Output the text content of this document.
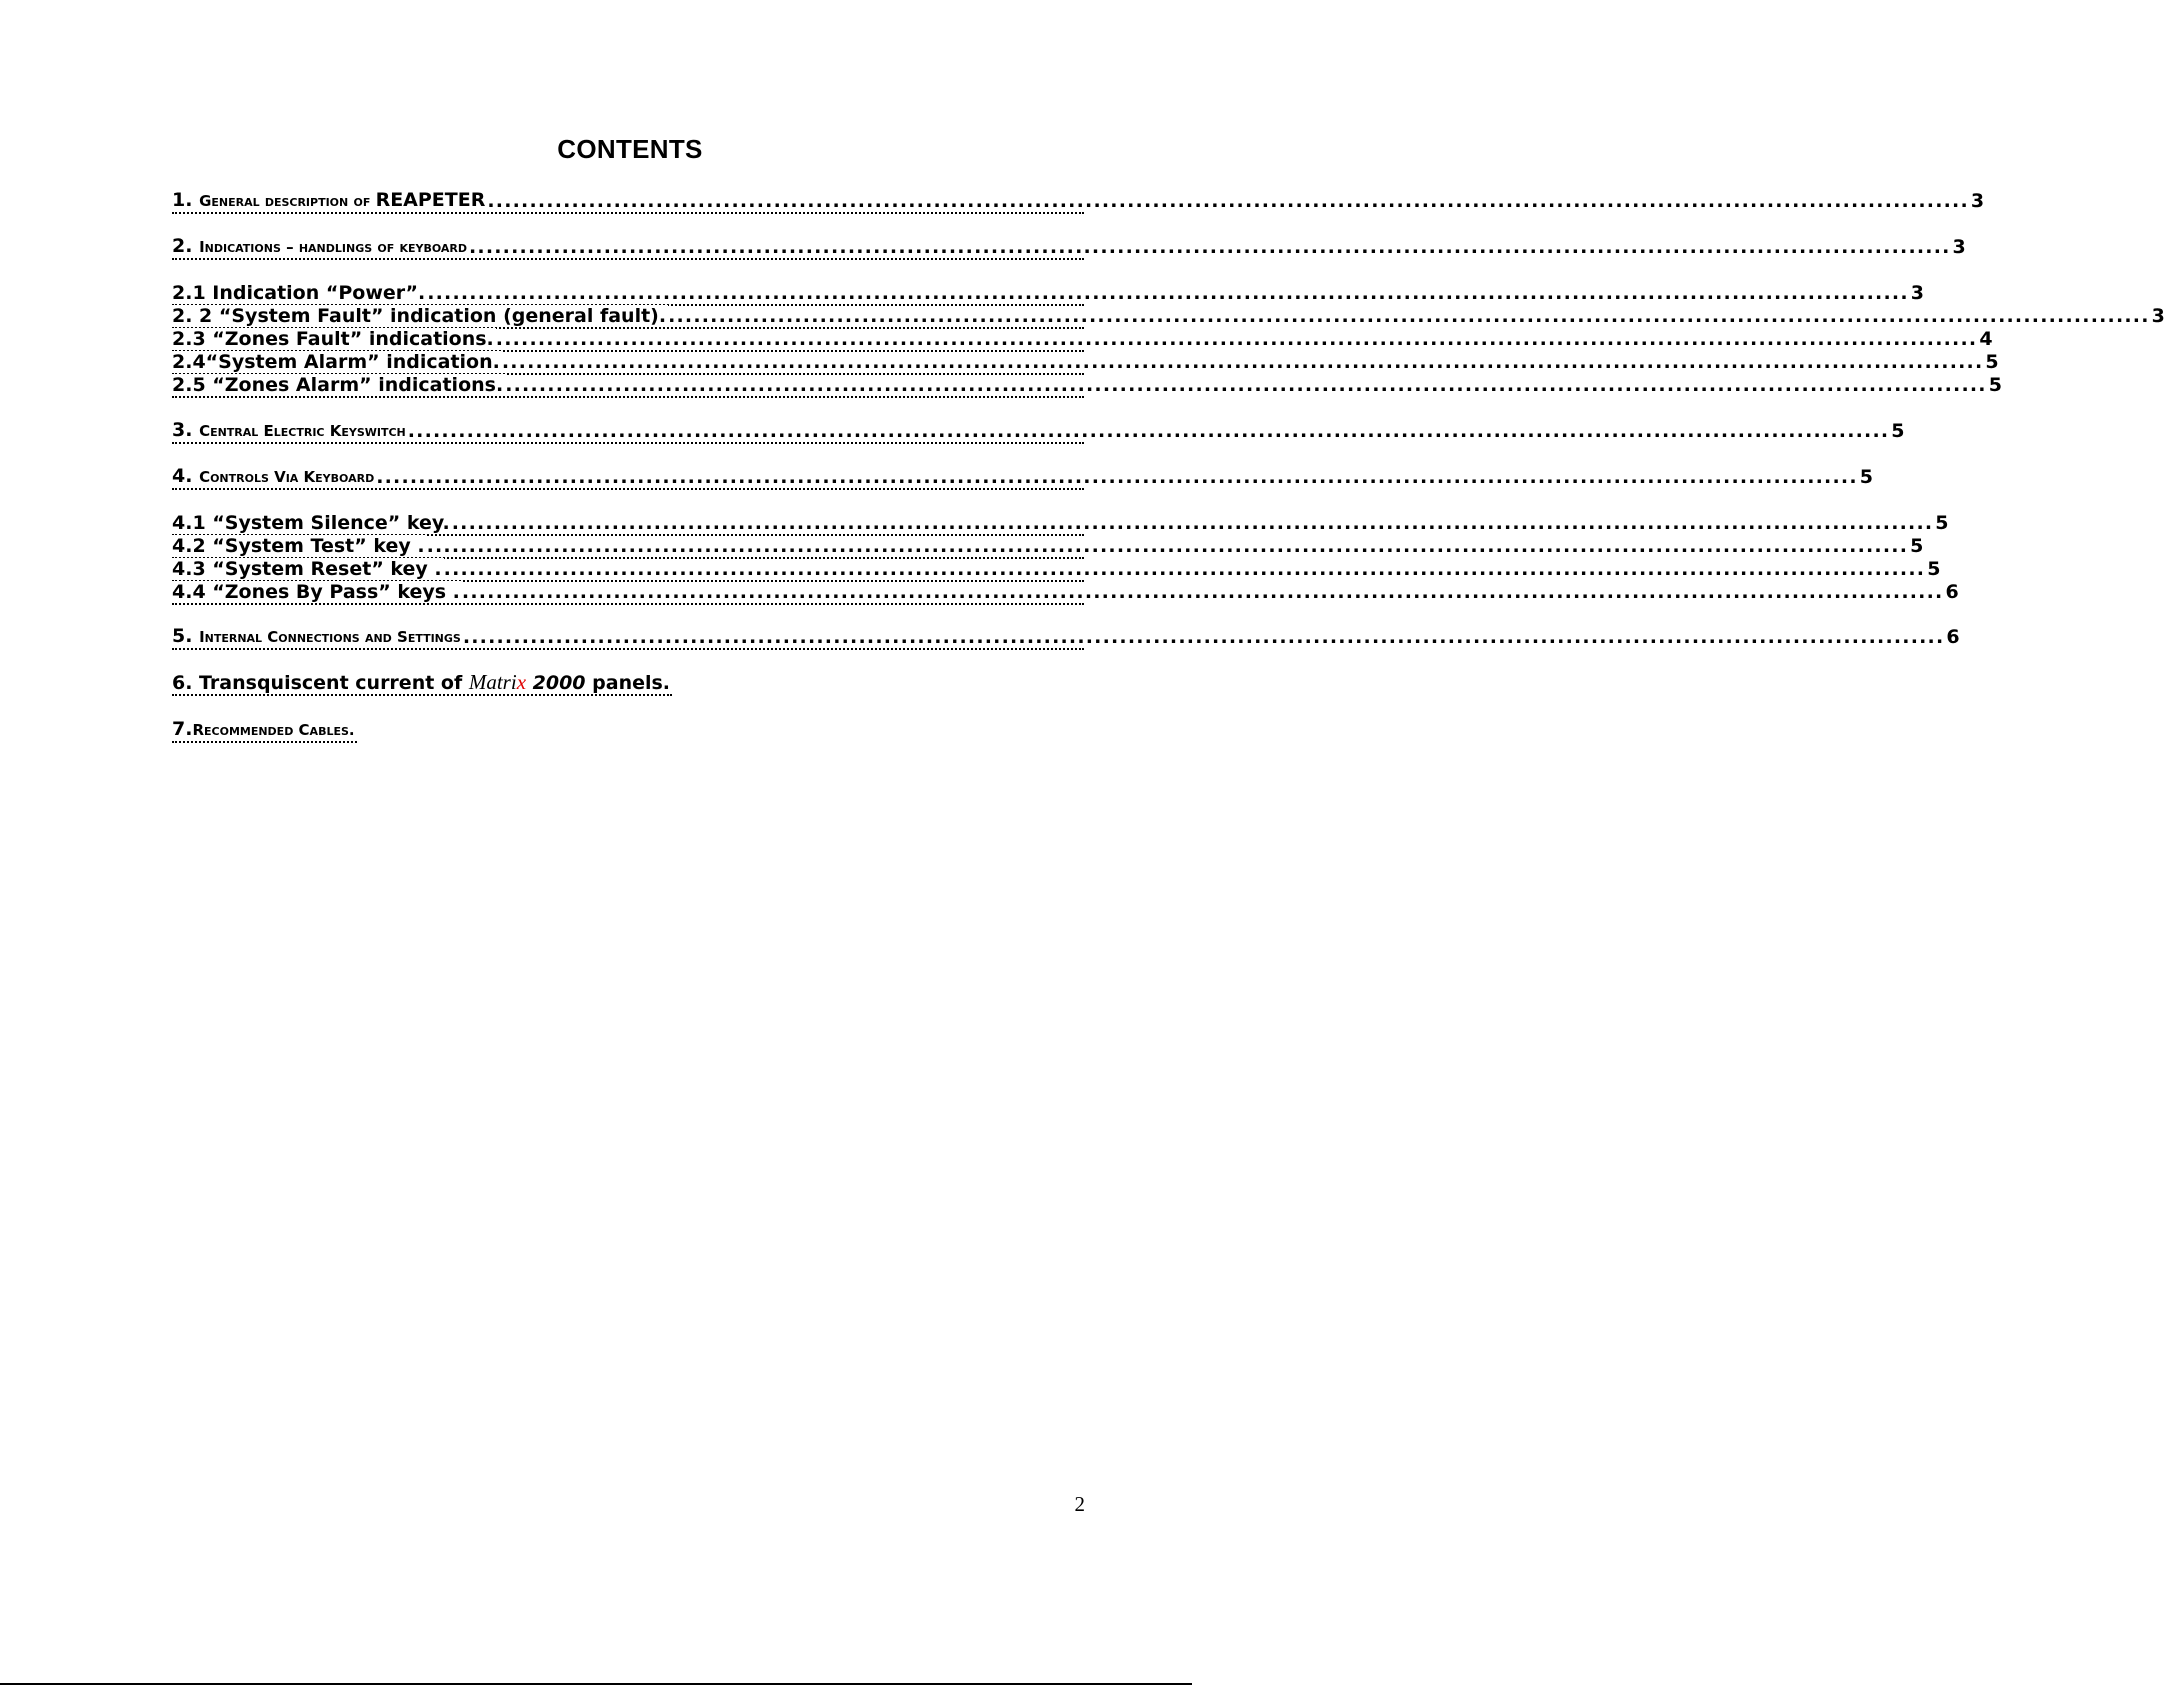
CONTENTS
1. General description of REAPETER ................................................................................................................................................................................ 3
2. Indications – handlings of keyboard ................................................................................................................................................................................ 3
2.1 Indication “Power”. ................................................................................................................................................................................ 3
2. 2 “System Fault” indication (general fault). ................................................................................................................................................................................ 3
2.3 “Zones Fault” indications. ................................................................................................................................................................................ 4
2.4“System Alarm” indication. ................................................................................................................................................................................ 5
2.5 “Zones Alarm” indications. ................................................................................................................................................................................ 5
3. Central Electric Keyswitch ................................................................................................................................................................................ 5
4. Controls Via Keyboard ................................................................................................................................................................................ 5
4.1 “System Silence” key. ................................................................................................................................................................................ 5
4.2 “System Test” key . ................................................................................................................................................................................ 5
4.3 “System Reset” key . ................................................................................................................................................................................ 5
4.4 “Zones By Pass” keys . ................................................................................................................................................................................ 6
5. Internal Connections and Settings ................................................................................................................................................................................ 6
6. Transquiscent current of Matrix 2000 panels.
7.Recommended Cables.
2
